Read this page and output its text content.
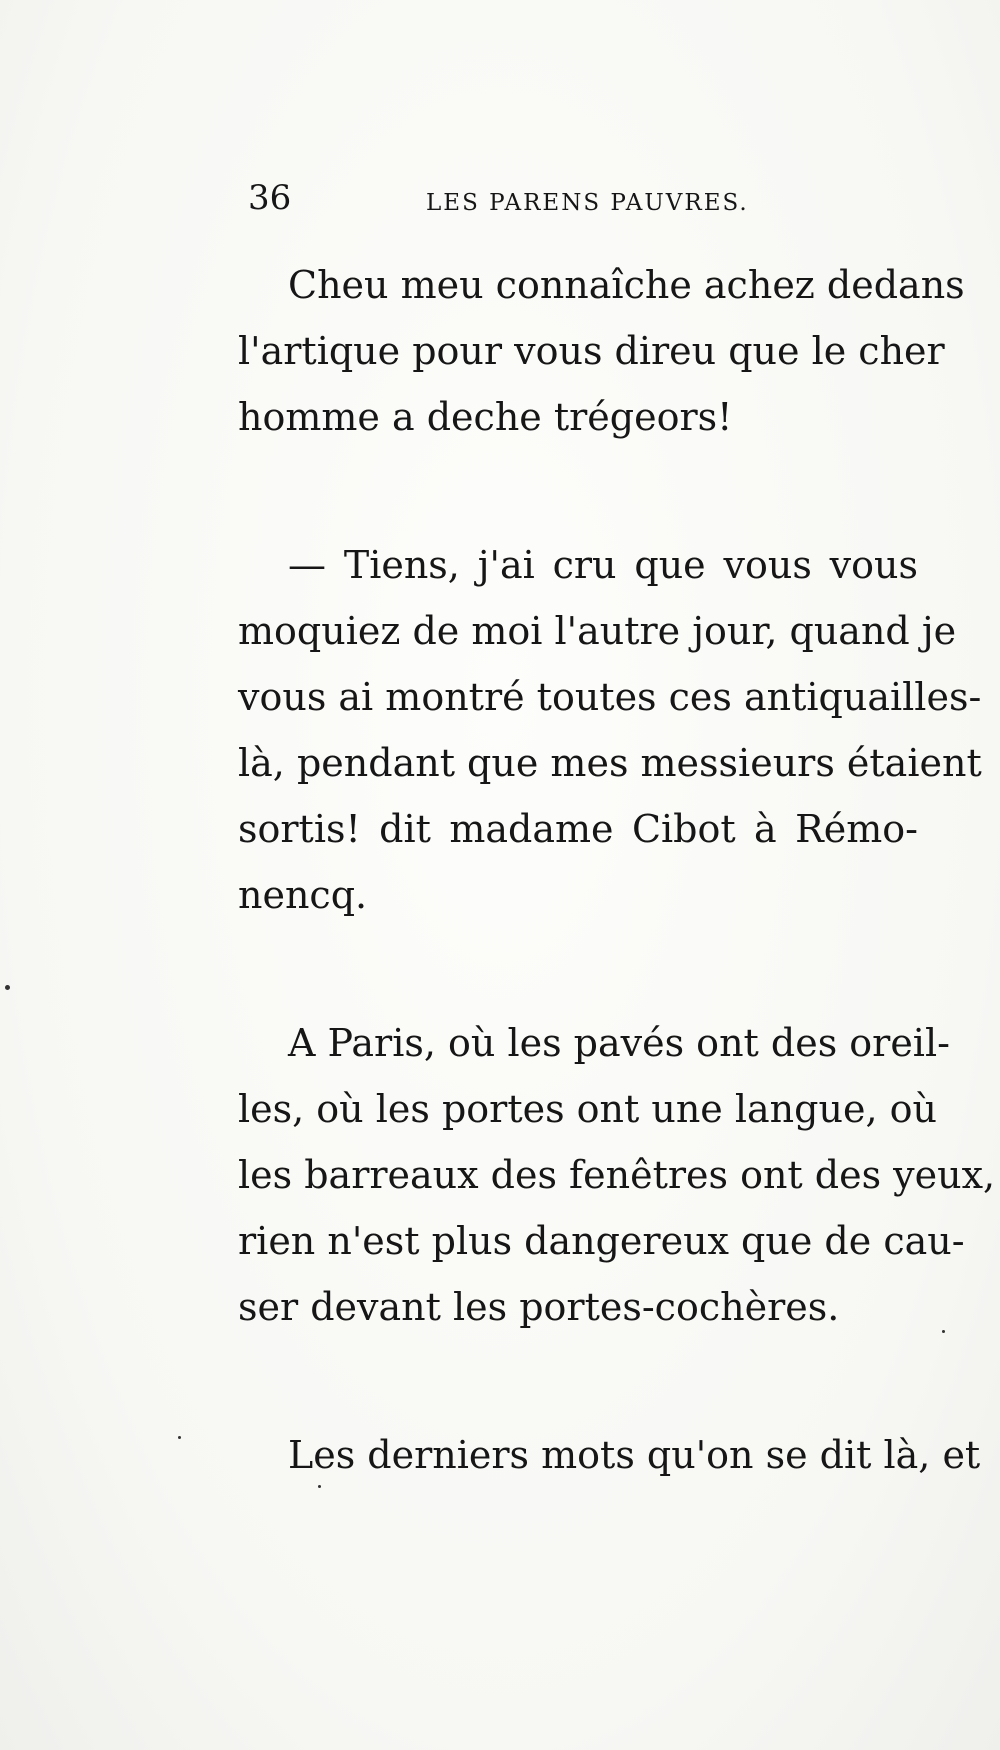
36	LES PARENS PAUVRES.
Cheu meu connaîche achez dedans
l'artique pour vous direu que le cher
homme a deche trégeors!
— Tiens, j'ai cru que vous vous
moquiez de moi l'autre jour, quand je
vous ai montré toutes ces antiquailles-
là, pendant que mes messieurs étaient
sortis! dit madame Cibot à Rémo-
nencq.
A Paris, où les pavés ont des oreil-
les, où les portes ont une langue, où
les barreaux des fenêtres ont des yeux,
rien n'est plus dangereux que de cau-
ser devant les portes-cochères.
Les derniers mots qu'on se dit là, et
